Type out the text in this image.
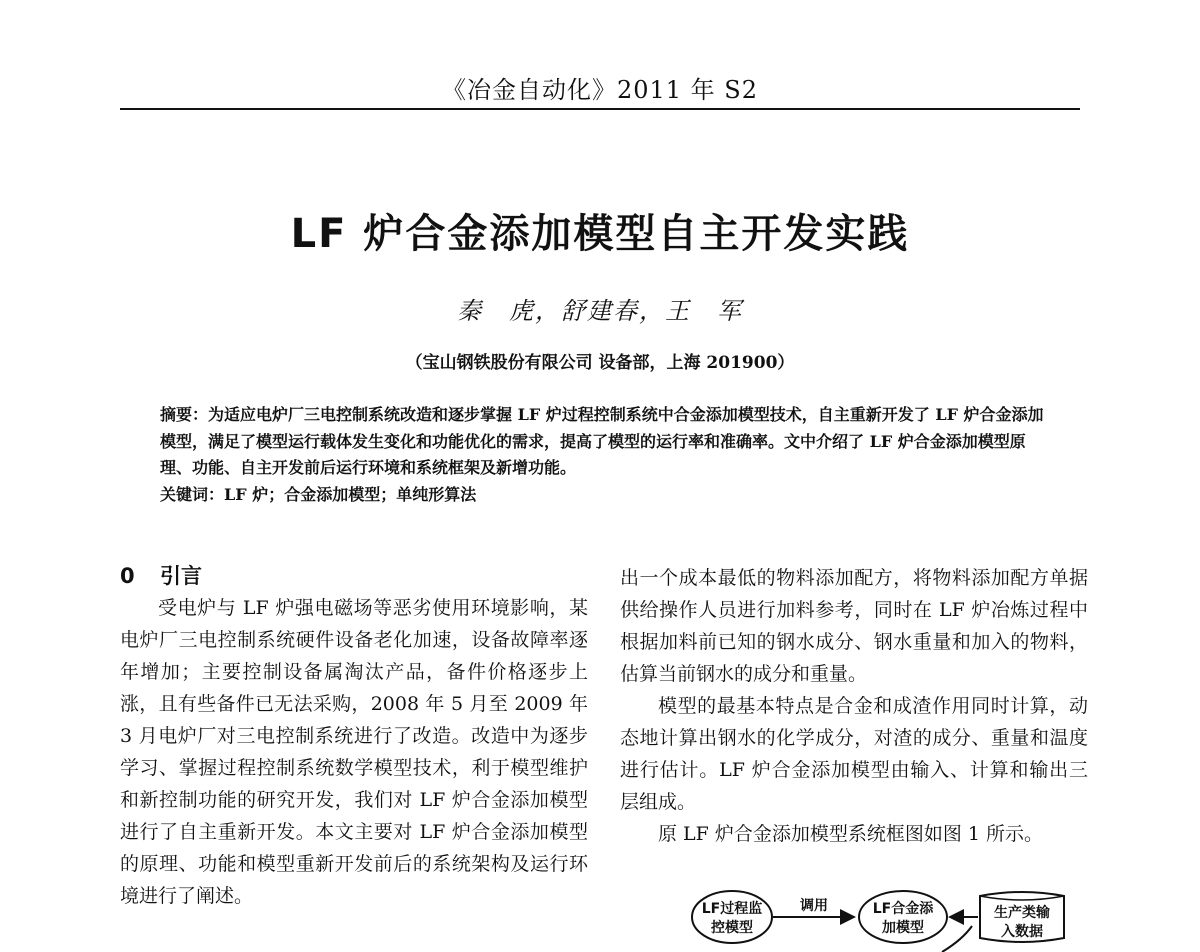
《冶金自动化》2011 年 S2
LF 炉合金添加模型自主开发实践
秦　虎，舒建春，王　军
（宝山钢铁股份有限公司 设备部，上海 201900）

摘要：为适应电炉厂三电控制系统改造和逐步掌握 LF 炉过程控制系统中合金添加模型技术，自主重新开发了 LF 炉合金添加模型，满足了模型运行载体发生变化和功能优化的需求，提高了模型的运行率和准确率。文中介绍了 LF 炉合金添加模型原理、功能、自主开发前后运行环境和系统框架及新增功能。

关键词：LF 炉；合金添加模型；单纯形算法

0 引言

受电炉与 LF 炉强电磁场等恶劣使用环境影响，某电炉厂三电控制系统硬件设备老化加速，设备故障率逐年增加；主要控制设备属淘汰产品，备件价格逐步上涨，且有些备件已无法采购，2008 年 5 月至 2009 年 3 月电炉厂对三电控制系统进行了改造。改造中为逐步学习、掌握过程控制系统数学模型技术，利于模型维护和新控制功能的研究开发，我们对 LF 炉合金添加模型进行了自主重新开发。本文主要对 LF 炉合金添加模型的原理、功能和模型重新开发前后的系统架构及运行环境进行了阐述。

出一个成本最低的物料添加配方，将物料添加配方单据供给操作人员进行加料参考，同时在 LF 炉冶炼过程中根据加料前已知的钢水成分、钢水重量和加入的物料，估算当前钢水的成分和重量。

模型的最基本特点是合金和成渣作用同时计算，动态地计算出钢水的化学成分，对渣的成分、重量和温度进行估计。LF 炉合金添加模型由输入、计算和输出三层组成。

原 LF 炉合金添加模型系统框图如图 1 所示。

LF过程监
控模型
调用	LF合金添
加模型
生产类输
入数据
